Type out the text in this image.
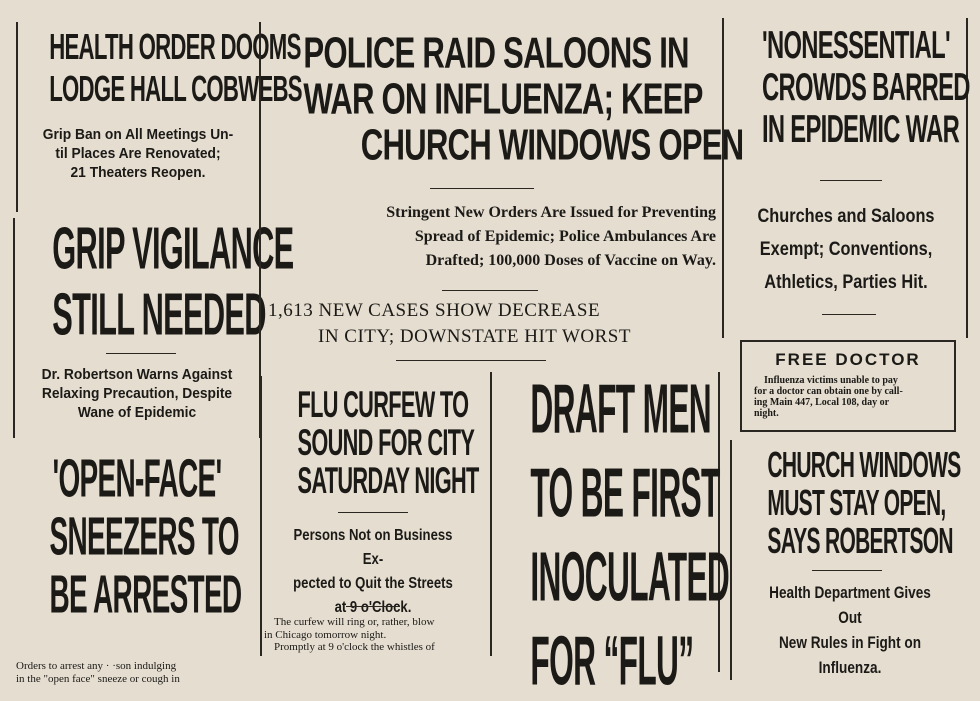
HEALTH ORDER DOOMS
LODGE HALL COBWEBS
Grip Ban on All Meetings Un-
til Places Are Renovated;
21 Theaters Reopen.
GRIP VIGILANCE
STILL NEEDED
Dr. Robertson Warns Against
Relaxing Precaution, Despite
Wane of Epidemic
'OPEN-FACE'
SNEEZERS TO
BE ARRESTED
Orders to arrest any · ·son indulging
in the "open face" sneeze or cough in
POLICE RAID SALOONS IN
WAR ON INFLUENZA; KEEP
CHURCH WINDOWS OPEN
Stringent New Orders Are Issued for Preventing
Spread of Epidemic; Police Ambulances Are
Drafted; 100,000 Doses of Vaccine on Way.
1,613 NEW CASES SHOW DECREASE
IN CITY; DOWNSTATE HIT WORST
FLU CURFEW TO
SOUND FOR CITY
SATURDAY NIGHT
Persons Not on Business Ex-
pected to Quit the Streets
at 9 o'Clock.
The curfew will ring or, rather, blow
in Chicago tomorrow night.
Promptly at 9 o'clock the whistles of
DRAFT MEN
TO BE FIRST
INOCULATED
FOR “FLU”
'NONESSENTIAL'
CROWDS BARRED
IN EPIDEMIC WAR
Churches and Saloons
Exempt; Conventions,
Athletics, Parties Hit.
FREE DOCTOR
Influenza victims unable to pay
for a doctor can obtain one by call-
ing Main 447, Local 108, day or
night.
CHURCH WINDOWS
MUST STAY OPEN,
SAYS ROBERTSON
Health Department Gives Out
New Rules in Fight on
Influenza.
